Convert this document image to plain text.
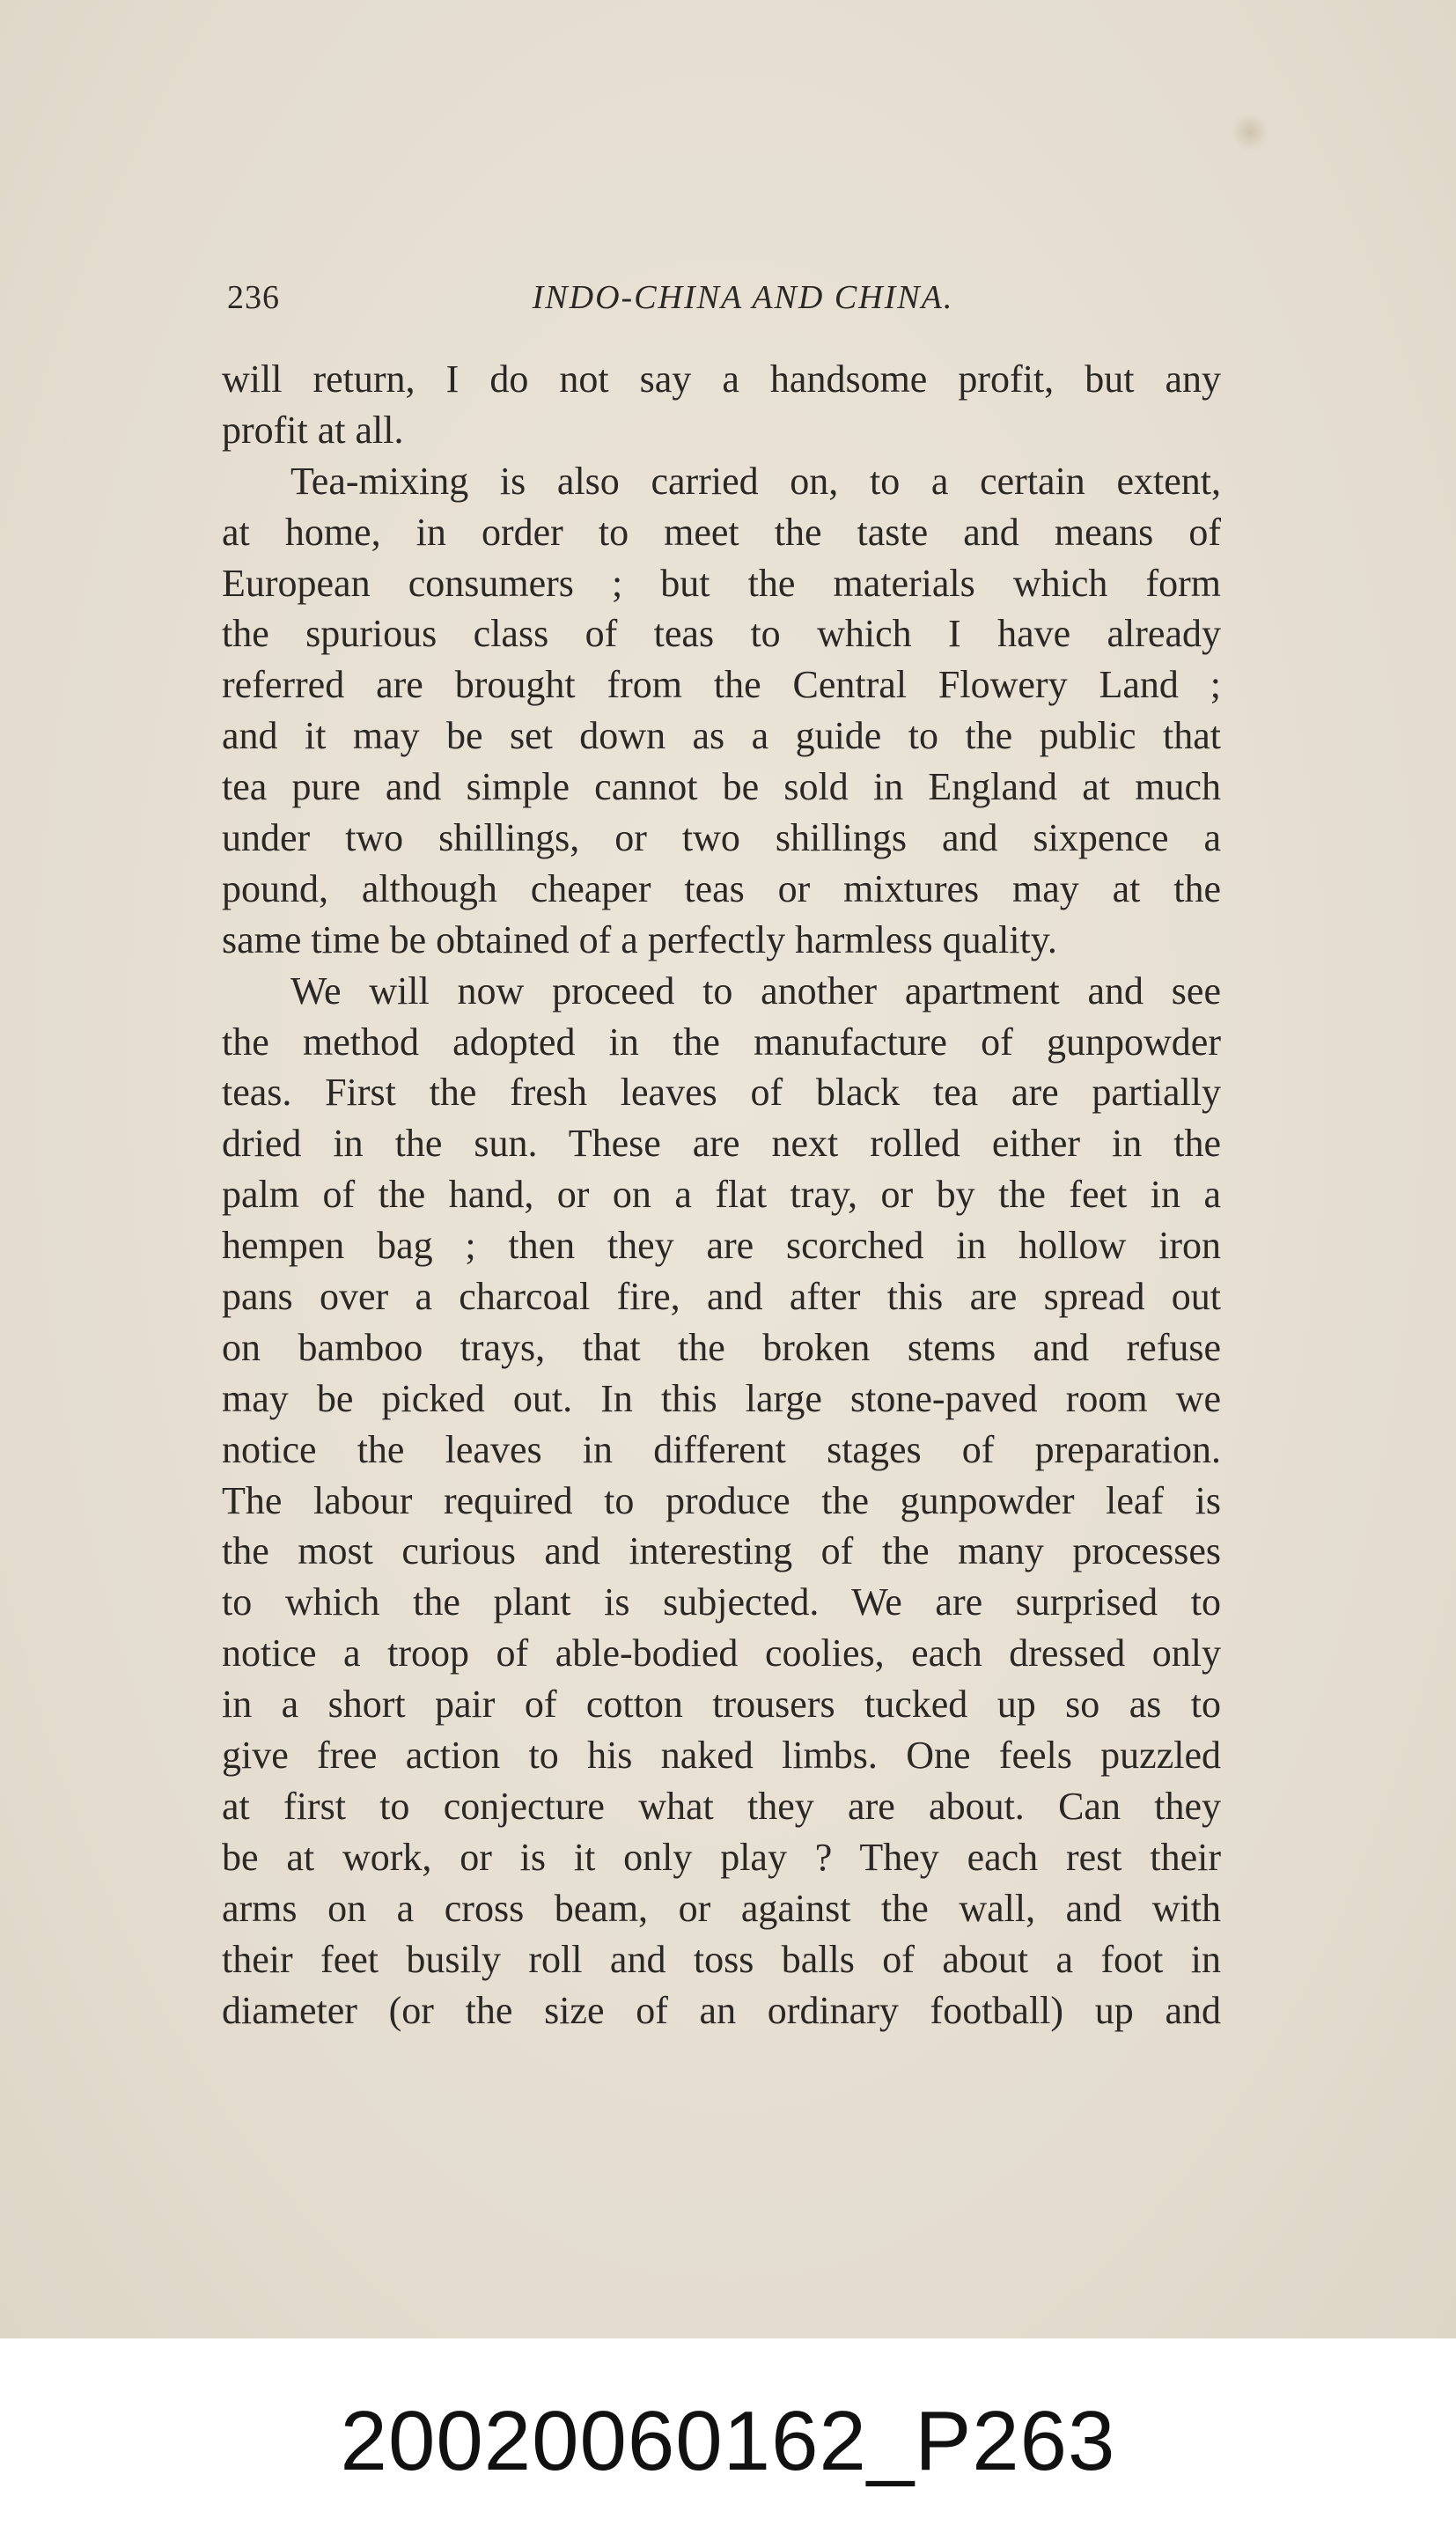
236	INDO-CHINA AND CHINA.
will return, I do not say a handsome profit, but any
profit at all.
Tea-mixing is also carried on, to a certain extent,
at home, in order to meet the taste and means of
European consumers ; but the materials which form
the spurious class of teas to which I have already
referred are brought from the Central Flowery Land ;
and it may be set down as a guide to the public that
tea pure and simple cannot be sold in England at much
under two shillings, or two shillings and sixpence a
pound, although cheaper teas or mixtures may at the
same time be obtained of a perfectly harmless quality.
We will now proceed to another apartment and see
the method adopted in the manufacture of gunpowder
teas. First the fresh leaves of black tea are partially
dried in the sun. These are next rolled either in the
palm of the hand, or on a flat tray, or by the feet in a
hempen bag ; then they are scorched in hollow iron
pans over a charcoal fire, and after this are spread out
on bamboo trays, that the broken stems and refuse
may be picked out. In this large stone-paved room we
notice the leaves in different stages of preparation.
The labour required to produce the gunpowder leaf is
the most curious and interesting of the many processes
to which the plant is subjected. We are surprised to
notice a troop of able-bodied coolies, each dressed only
in a short pair of cotton trousers tucked up so as to
give free action to his naked limbs. One feels puzzled
at first to conjecture what they are about. Can they
be at work, or is it only play ? They each rest their
arms on a cross beam, or against the wall, and with
their feet busily roll and toss balls of about a foot in
diameter (or the size of an ordinary football) up and
20020060162_P263
